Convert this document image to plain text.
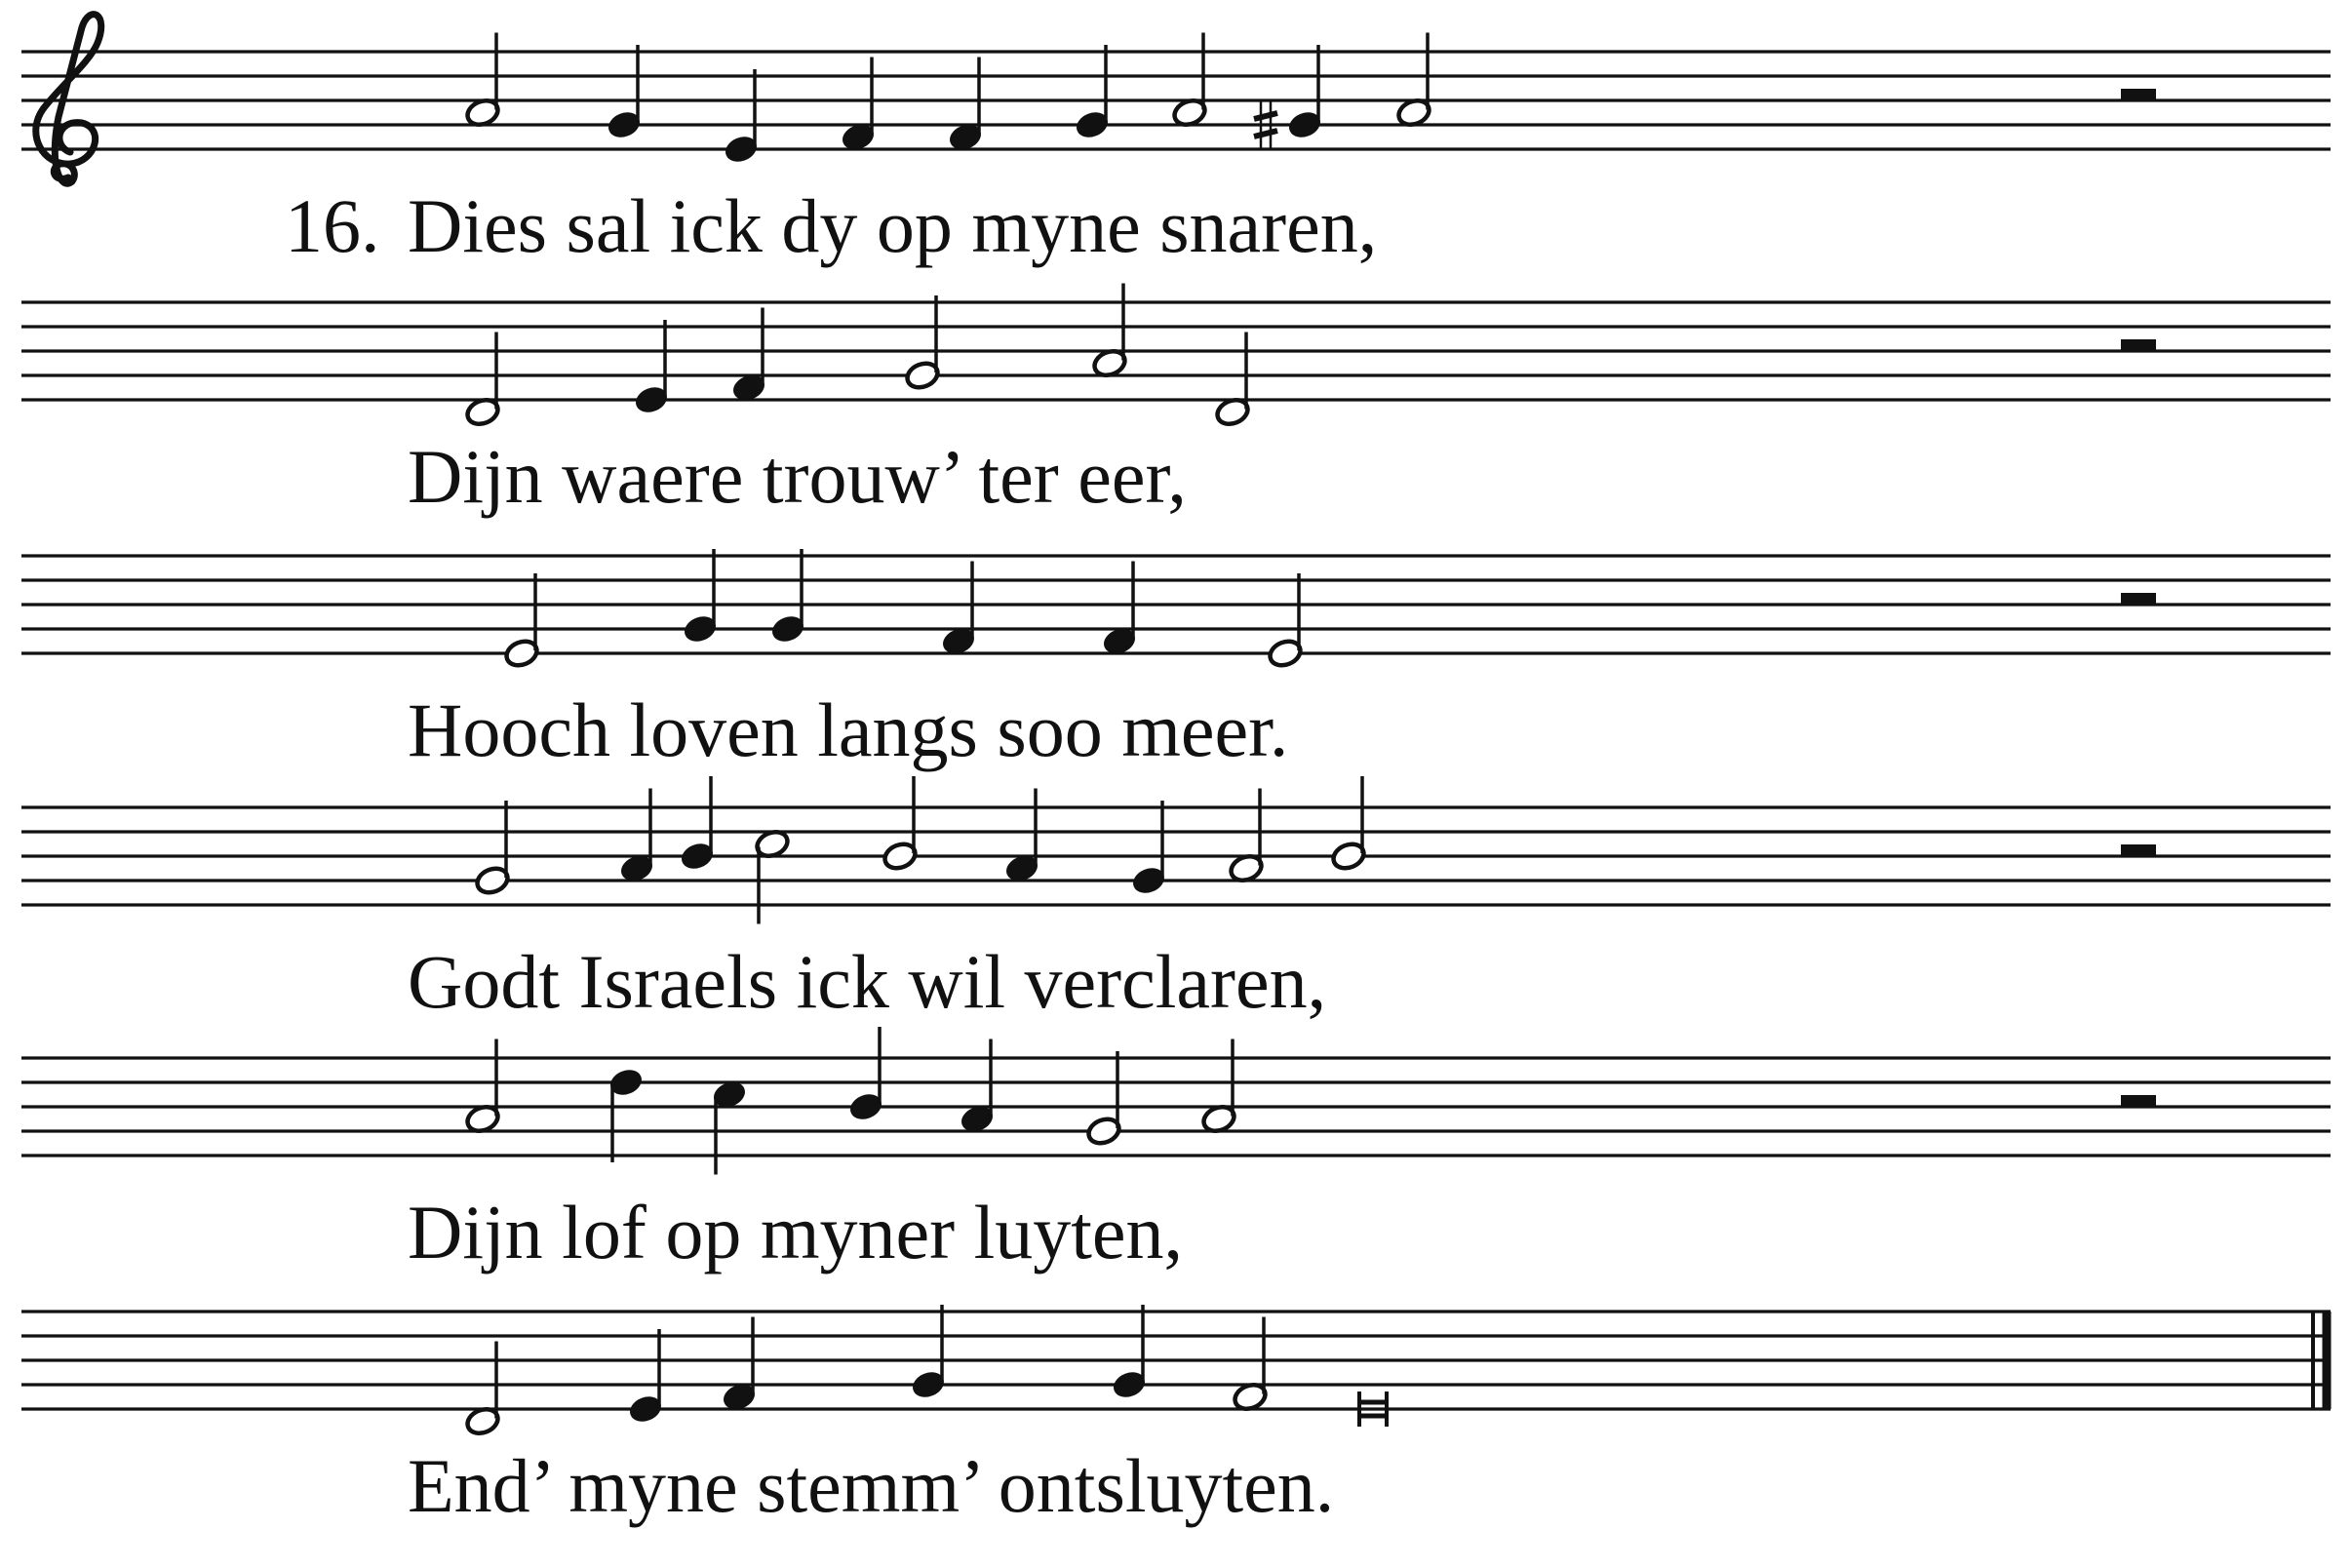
16. Dies sal ick dy op myne snaren,
Dijn waere trouw’ ter eer,
Hooch loven langs soo meer.
Godt Israels ick wil verclaren,
Dijn lof op myner luyten,
End’ myne stemm’ ontsluyten.
